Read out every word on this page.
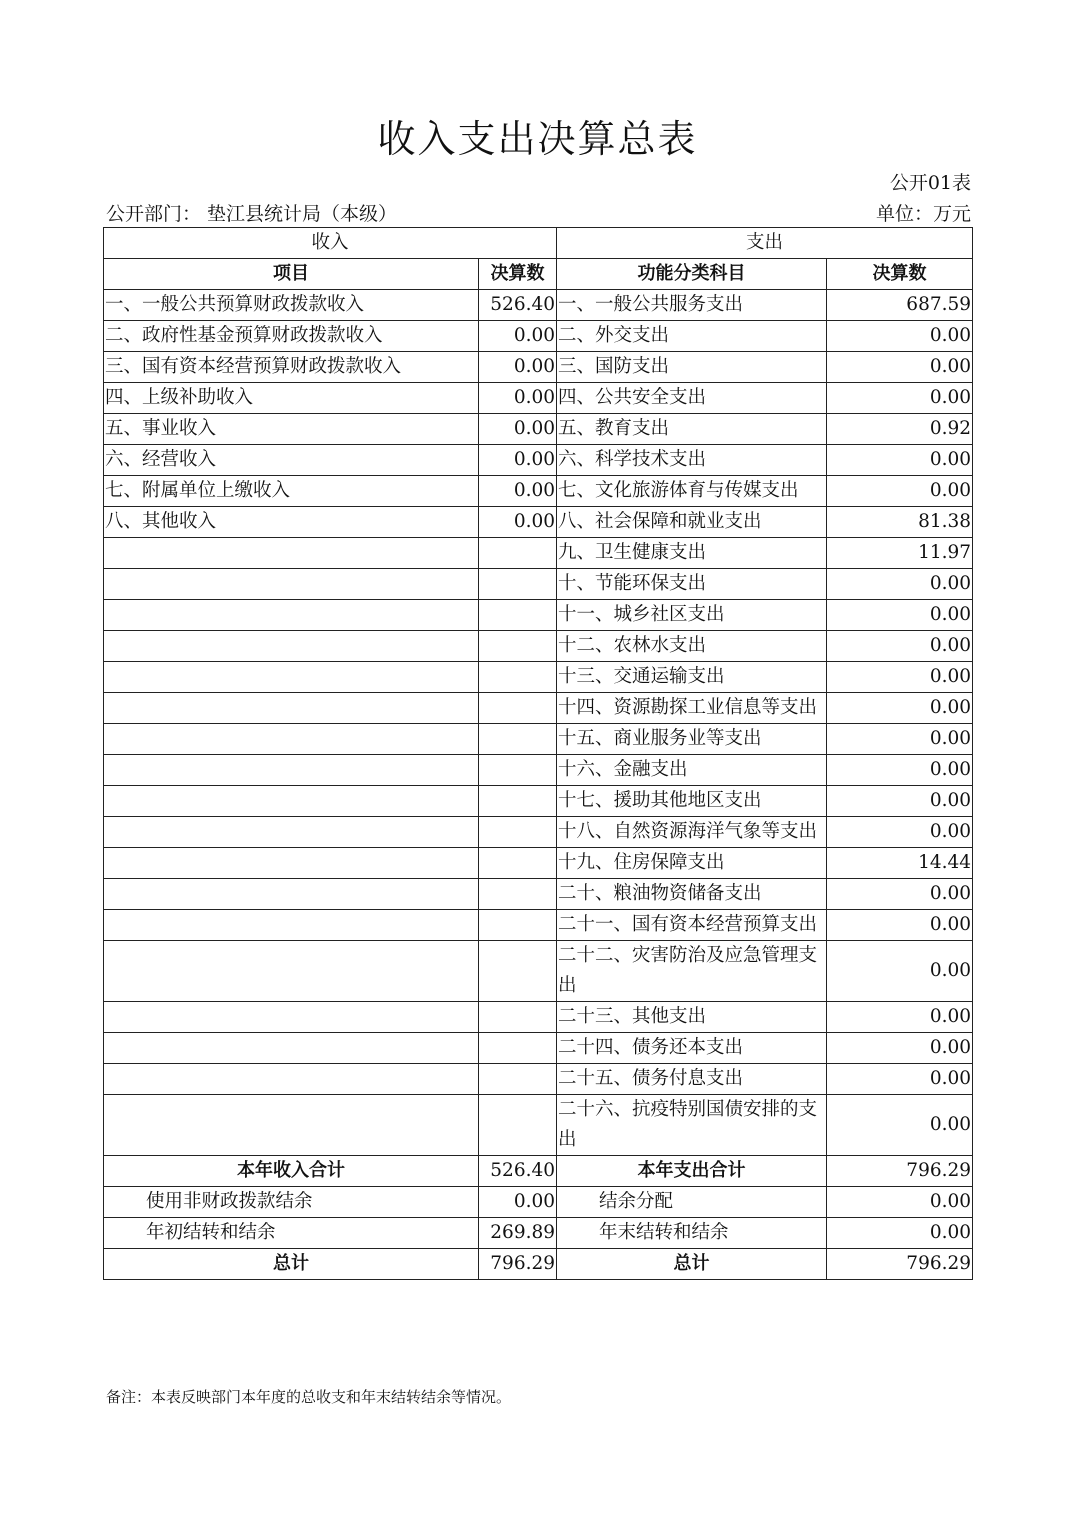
收入支出决算总表
公开01表
公开部门： 垫江县统计局（本级）	单位：万元
收入		支出	
项目	决算数	功能分类科目	决算数
一、一般公共预算财政拨款收入	526.40	一、一般公共服务支出	687.59
二、政府性基金预算财政拨款收入	0.00	二、外交支出	0.00
三、国有资本经营预算财政拨款收入	0.00	三、国防支出	0.00
四、上级补助收入	0.00	四、公共安全支出	0.00
五、事业收入	0.00	五、教育支出	0.92
六、经营收入	0.00	六、科学技术支出	0.00
七、附属单位上缴收入	0.00	七、文化旅游体育与传媒支出	0.00
八、其他收入	0.00	八、社会保障和就业支出	81.38
		九、卫生健康支出	11.97
		十、节能环保支出	0.00
		十一、城乡社区支出	0.00
		十二、农林水支出	0.00
		十三、交通运输支出	0.00
		十四、资源勘探工业信息等支出	0.00
		十五、商业服务业等支出	0.00
		十六、金融支出	0.00
		十七、援助其他地区支出	0.00
		十八、自然资源海洋气象等支出	0.00
		十九、住房保障支出	14.44
		二十、粮油物资储备支出	0.00
		二十一、国有资本经营预算支出	0.00
		二十二、灾害防治及应急管理支出	0.00
		二十三、其他支出	0.00
		二十四、债务还本支出	0.00
		二十五、债务付息支出	0.00
		二十六、抗疫特别国债安排的支出	0.00
本年收入合计	526.40	本年支出合计	796.29
使用非财政拨款结余	0.00	结余分配	0.00
年初结转和结余	269.89	年末结转和结余	0.00
总计	796.29	总计	796.29
备注：本表反映部门本年度的总收支和年末结转结余等情况。
